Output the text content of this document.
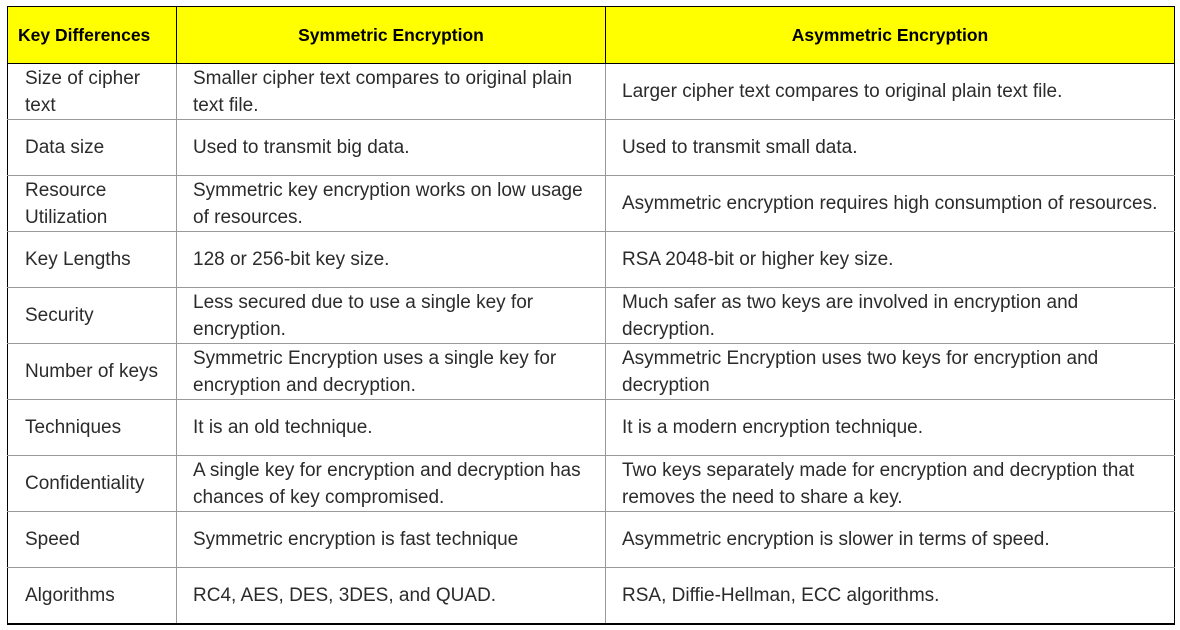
Key Differences	Symmetric Encryption	Asymmetric Encryption
Size of cipher text	Smaller cipher text compares to original plain text file.	Larger cipher text compares to original plain text file.
Data size	Used to transmit big data.	Used to transmit small data.
Resource Utilization	Symmetric key encryption works on low usage of resources.	Asymmetric encryption requires high consumption of resources.
Key Lengths	128 or 256-bit key size.	RSA 2048-bit or higher key size.
Security	Less secured due to use a single key for encryption.	Much safer as two keys are involved in encryption and decryption.
Number of keys	Symmetric Encryption uses a single key for encryption and decryption.	Asymmetric Encryption uses two keys for encryption and decryption
Techniques	It is an old technique.	It is a modern encryption technique.
Confidentiality	A single key for encryption and decryption has chances of key compromised.	Two keys separately made for encryption and decryption that removes the need to share a key.
Speed	Symmetric encryption is fast technique	Asymmetric encryption is slower in terms of speed.
Algorithms	RC4, AES, DES, 3DES, and QUAD.	RSA, Diffie-Hellman, ECC algorithms.
